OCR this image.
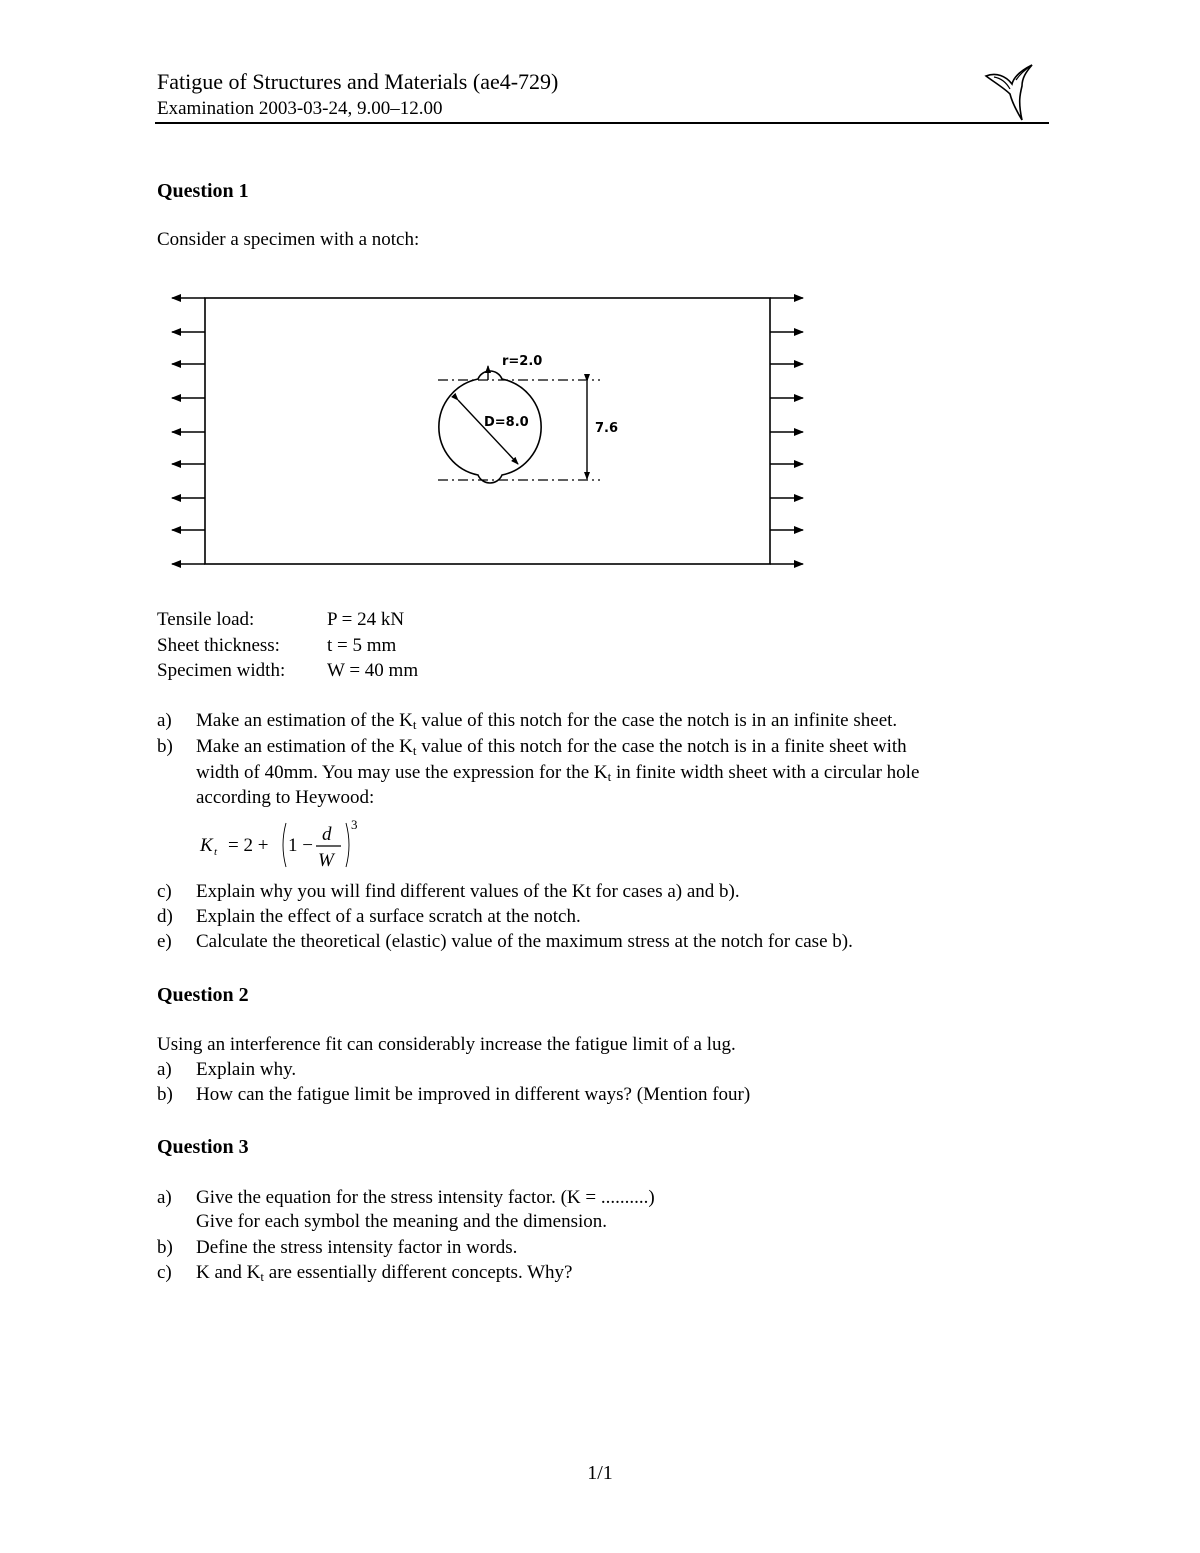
Fatigue of Structures and Materials (ae4-729)
Examination 2003-03-24, 9.00–12.00
Question 1
Consider a specimen with a notch:
r=2.0
D=8.0	7.6
Tensile load:	P = 24 kN
Sheet thickness:	t = 5 mm
Specimen width:	W = 40 mm
a) Make an estimation of the $K_t$ value of this notch for the case the notch is in an infinite sheet.
b) Make an estimation of the $K_t$ value of this notch for the case the notch is in a finite sheet with
width of 40mm. You may use the expression for the $K_t$ in finite width sheet with a circular hole
according to Heywood:
K t = 2 + 1 −
d
W
3
c) Explain why you will find different values of the Kt for cases a) and b).
d) Explain the effect of a surface scratch at the notch.
e) Calculate the theoretical (elastic) value of the maximum stress at the notch for case b).
Question 2
Using an interference fit can considerably increase the fatigue limit of a lug.
a) Explain why.
b) How can the fatigue limit be improved in different ways? (Mention four)
Question 3
a) Give the equation for the stress intensity factor. (K = ..........)
Give for each symbol the meaning and the dimension.
b) Define the stress intensity factor in words.
c) K and $K_t$ are essentially different concepts. Why?
1/1
